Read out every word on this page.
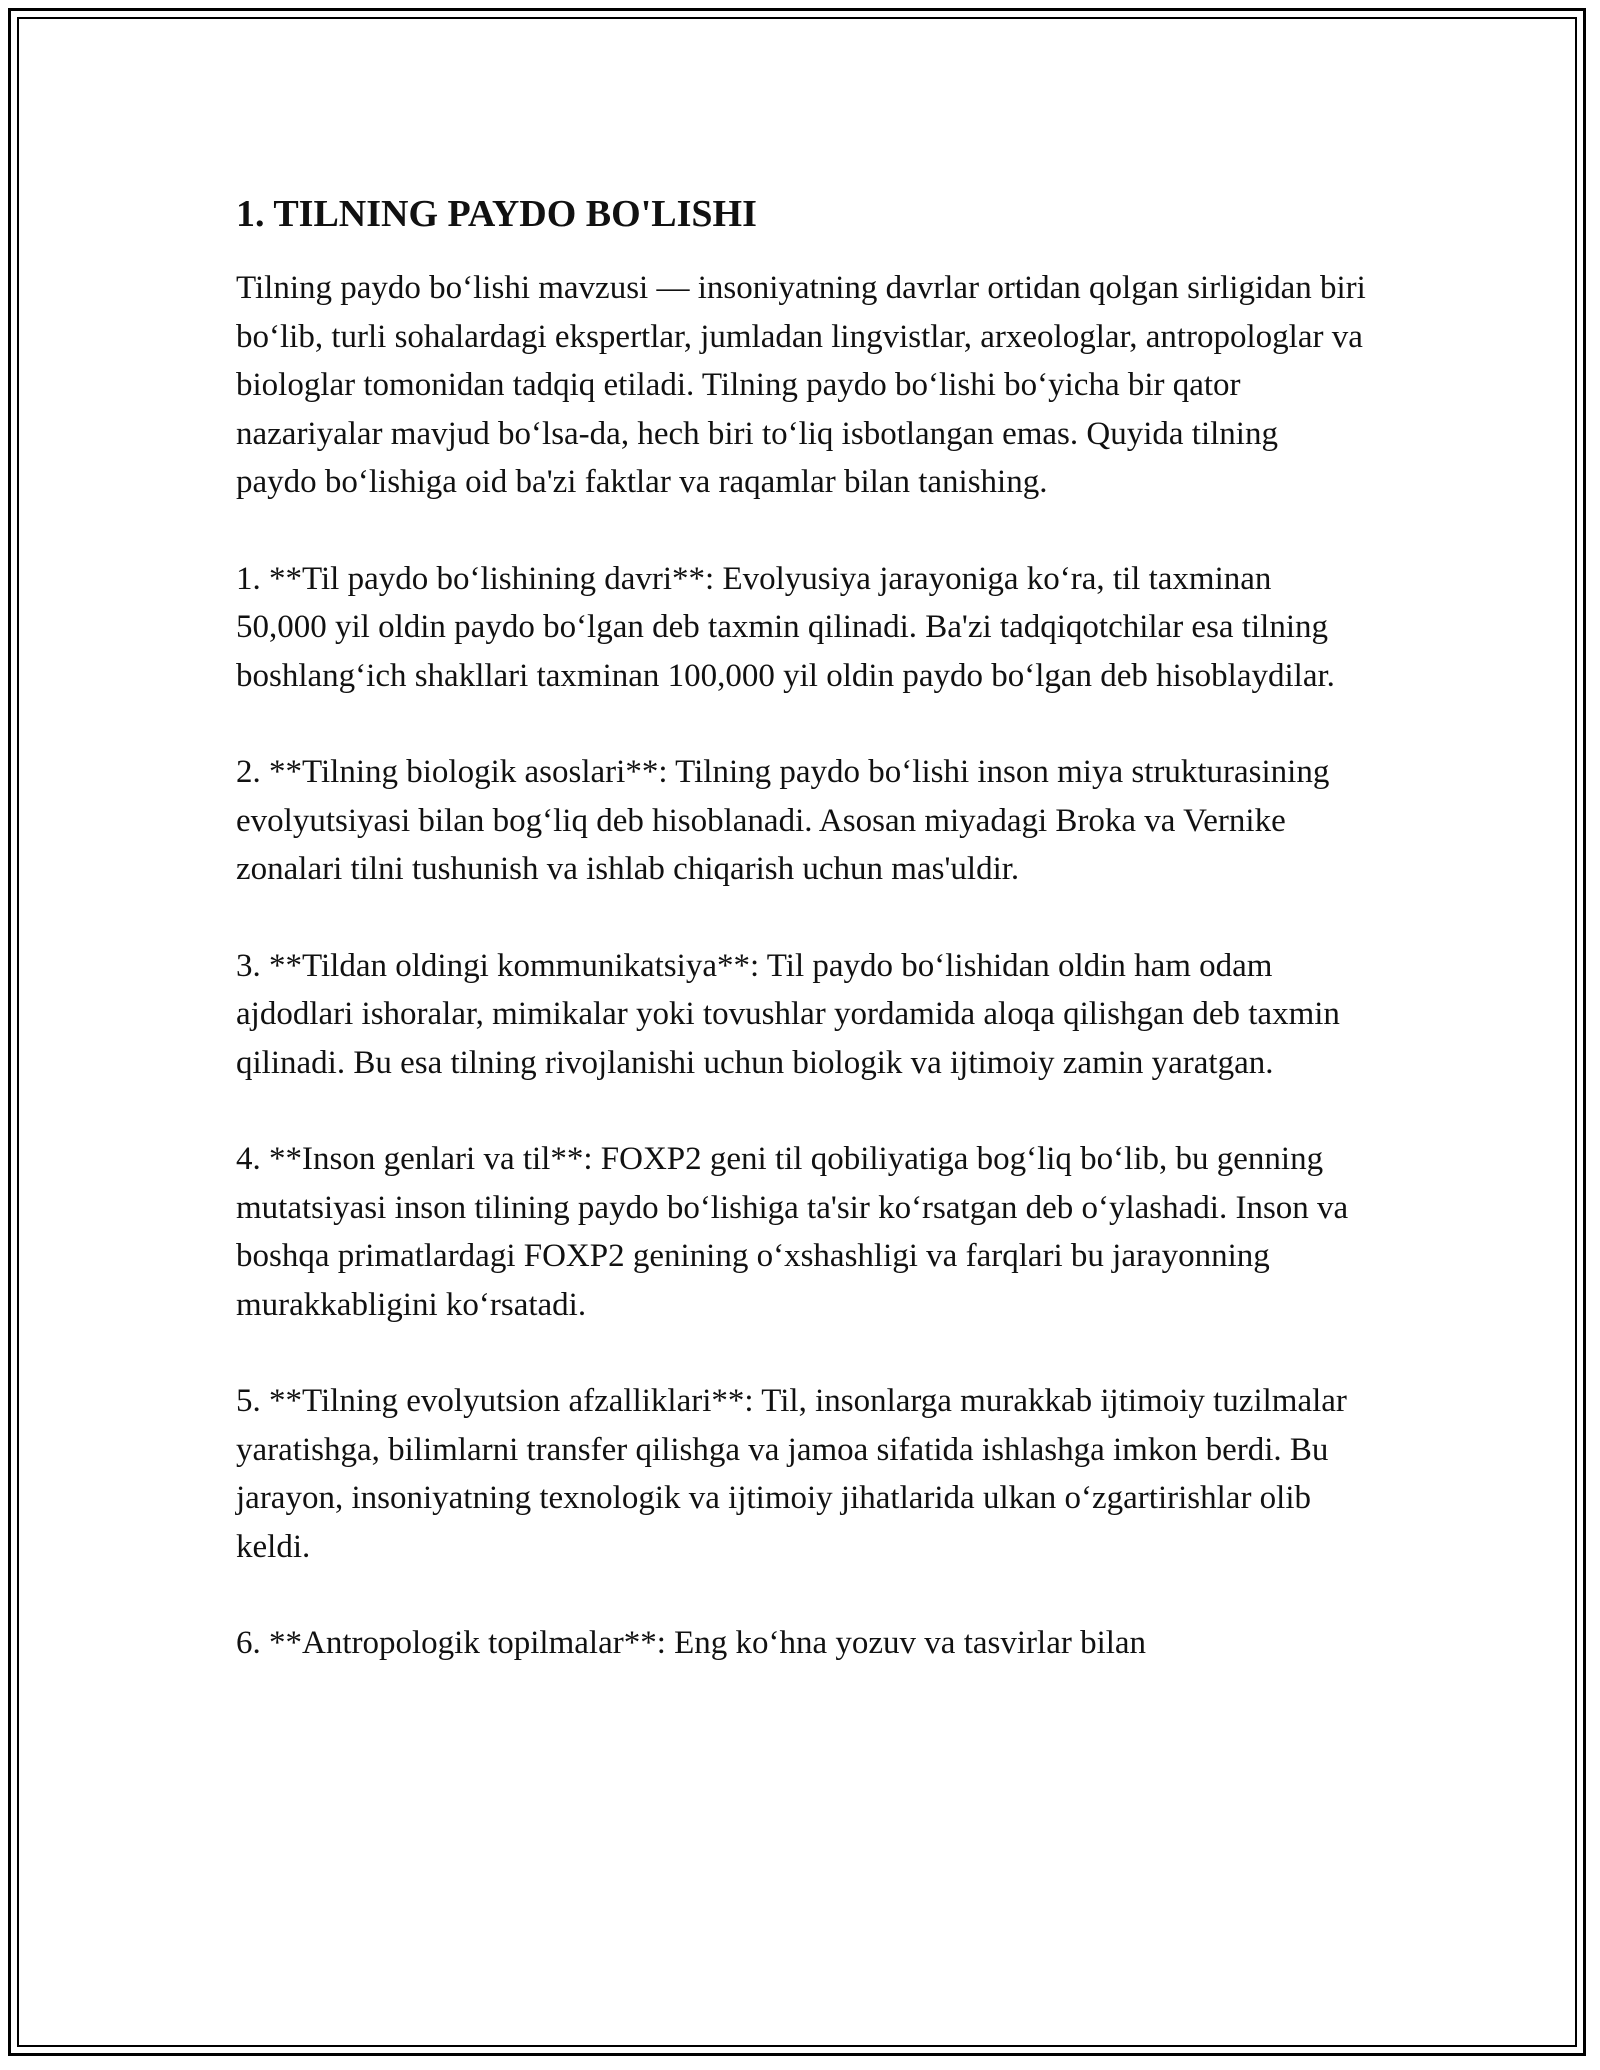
1. TILNING PAYDO BO'LISHI

Tilning paydo bo‘lishi mavzusi — insoniyatning davrlar ortidan qolgan sirligidan biri bo‘lib, turli sohalardagi ekspertlar, jumladan lingvistlar, arxeologlar, antropologlar va biologlar tomonidan tadqiq etiladi. Tilning paydo bo‘lishi bo‘yicha bir qator nazariyalar mavjud bo‘lsa-da, hech biri to‘liq isbotlangan emas. Quyida tilning paydo bo‘lishiga oid ba'zi faktlar va raqamlar bilan tanishing.

1. **Til paydo bo‘lishining davri**: Evolyusiya jarayoniga ko‘ra, til taxminan 50,000 yil oldin paydo bo‘lgan deb taxmin qilinadi. Ba'zi tadqiqotchilar esa tilning boshlang‘ich shakllari taxminan 100,000 yil oldin paydo bo‘lgan deb hisoblaydilar.

2. **Tilning biologik asoslari**: Tilning paydo bo‘lishi inson miya strukturasining evolyutsiyasi bilan bog‘liq deb hisoblanadi. Asosan miyadagi Broka va Vernike zonalari tilni tushunish va ishlab chiqarish uchun mas'uldir.

3. **Tildan oldingi kommunikatsiya**: Til paydo bo‘lishidan oldin ham odam ajdodlari ishoralar, mimikalar yoki tovushlar yordamida aloqa qilishgan deb taxmin qilinadi. Bu esa tilning rivojlanishi uchun biologik va ijtimoiy zamin yaratgan.

4. **Inson genlari va til**: FOXP2 geni til qobiliyatiga bog‘liq bo‘lib, bu genning mutatsiyasi inson tilining paydo bo‘lishiga ta'sir ko‘rsatgan deb o‘ylashadi. Inson va boshqa primatlardagi FOXP2 genining o‘xshashligi va farqlari bu jarayonning murakkabligini ko‘rsatadi.

5. **Tilning evolyutsion afzalliklari**: Til, insonlarga murakkab ijtimoiy tuzilmalar yaratishga, bilimlarni transfer qilishga va jamoa sifatida ishlashga imkon berdi. Bu jarayon, insoniyatning texnologik va ijtimoiy jihatlarida ulkan o‘zgartirishlar olib keldi.

6. **Antropologik topilmalar**: Eng ko‘hna yozuv va tasvirlar bilan
